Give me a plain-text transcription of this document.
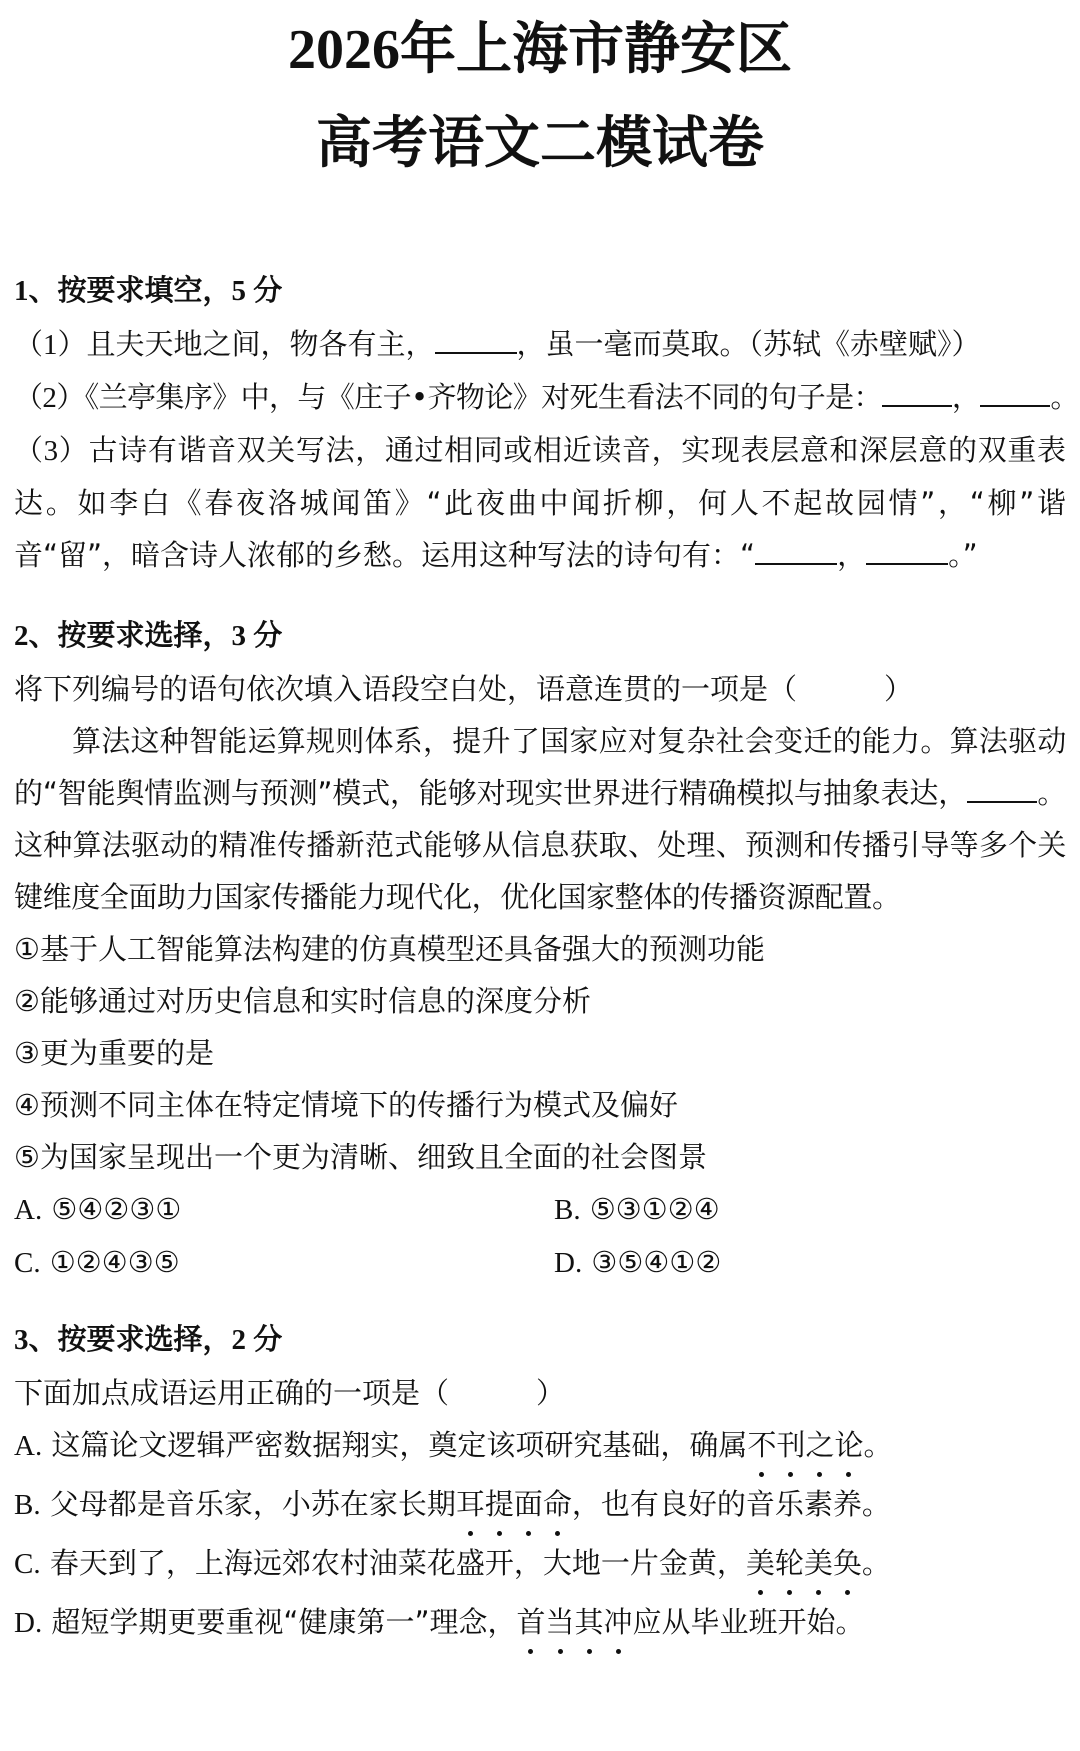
2026年上海市静安区
高考语文二模试卷
1、按要求填空，5 分
（1）且夫天地之间，物各有主，	，虽一毫而莫取。（苏轼《赤壁赋》）
（2）《兰亭集序》中，与《庄子•齐物论》对死生看法不同的句子是： ， 。
（3）古诗有谐音双关写法，通过相同或相近读音，实现表层意和深层意的双重表达。如李白《春夜洛城闻笛》“此夜曲中闻折柳，何人不起故园情”，“柳”谐音“留”，暗含诗人浓郁的乡愁。运用这种写法的诗句有：“	，	。”
2、按要求选择，3 分
将下列编号的语句依次填入语段空白处，语意连贯的一项是（　　　）
算法这种智能运算规则体系，提升了国家应对复杂社会变迁的能力。算法驱动的“智能舆情监测与预测”模式，能够对现实世界进行精确模拟与抽象表达， 。这种算法驱动的精准传播新范式能够从信息获取、处理、预测和传播引导等多个关键维度全面助力国家传播能力现代化，优化国家整体的传播资源配置。
①基于人工智能算法构建的仿真模型还具备强大的预测功能
②能够通过对历史信息和实时信息的深度分析
③更为重要的是
④预测不同主体在特定情境下的传播行为模式及偏好
⑤为国家呈现出一个更为清晰、细致且全面的社会图景
A. ⑤④②③①	B. ⑤③①②④
C. ①②④③⑤	D. ③⑤④①②
3、按要求选择，2 分
下面加点成语运用正确的一项是（　　　）
A. 这篇论文逻辑严密数据翔实，奠定该项研究基础，确属不刊之论。
B. 父母都是音乐家，小苏在家长期耳提面命，也有良好的音乐素养。
C. 春天到了，上海远郊农村油菜花盛开，大地一片金黄，美轮美奂。
D. 超短学期更要重视“健康第一”理念，首当其冲应从毕业班开始。
